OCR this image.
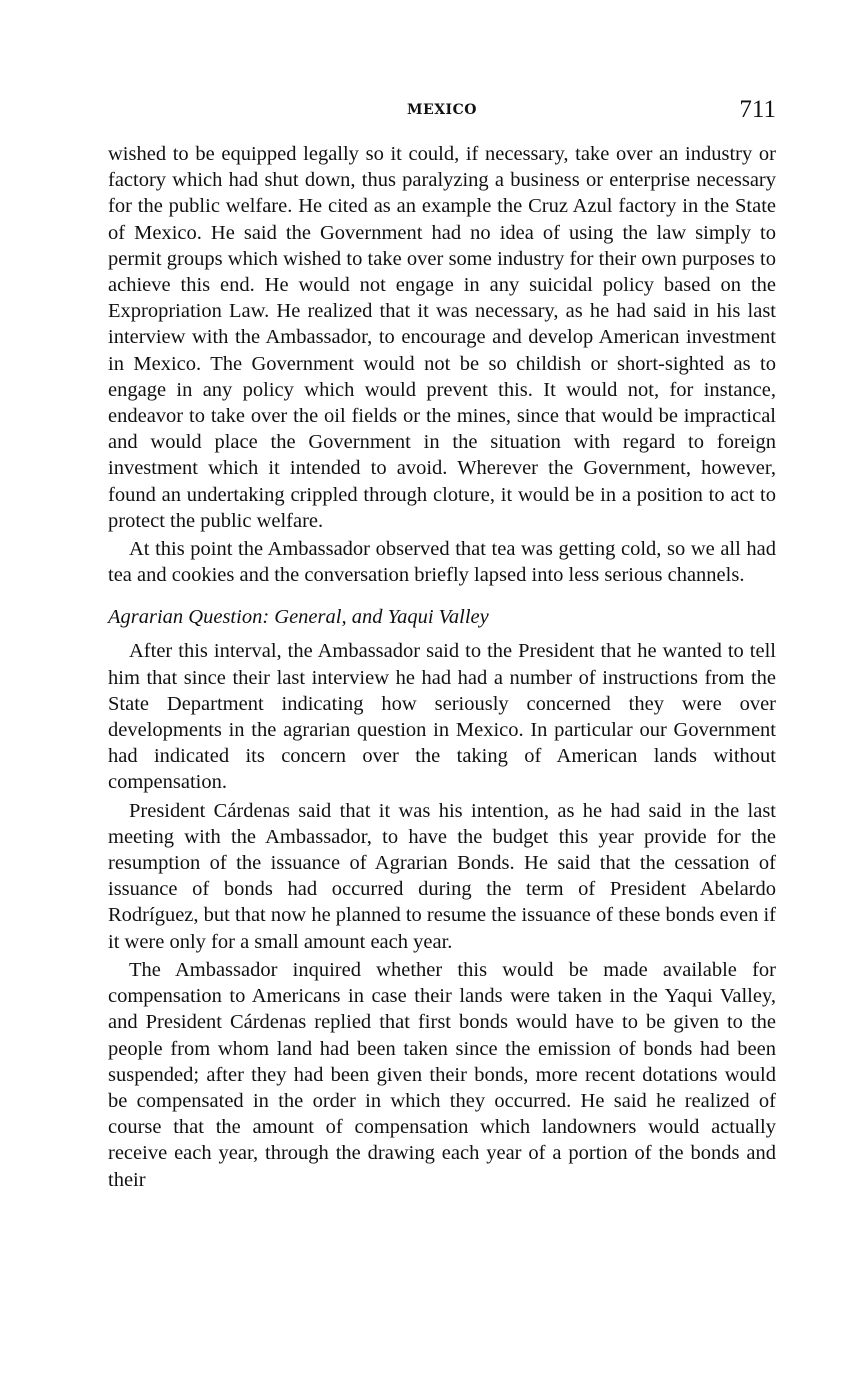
MEXICO	711

wished to be equipped legally so it could, if necessary, take over an industry or factory which had shut down, thus paralyzing a business or enterprise necessary for the public welfare. He cited as an example the Cruz Azul factory in the State of Mexico. He said the Government had no idea of using the law simply to permit groups which wished to take over some industry for their own purposes to achieve this end. He would not engage in any suicidal policy based on the Expropriation Law. He realized that it was necessary, as he had said in his last interview with the Ambassador, to encourage and develop American investment in Mexico. The Government would not be so childish or short-sighted as to engage in any policy which would prevent this. It would not, for instance, endeavor to take over the oil fields or the mines, since that would be impractical and would place the Government in the situation with regard to foreign investment which it intended to avoid. Wherever the Government, however, found an undertaking crippled through cloture, it would be in a position to act to protect the public welfare.

At this point the Ambassador observed that tea was getting cold, so we all had tea and cookies and the conversation briefly lapsed into less serious channels.

Agrarian Question: General, and Yaqui Valley

After this interval, the Ambassador said to the President that he wanted to tell him that since their last interview he had had a number of instructions from the State Department indicating how seriously concerned they were over developments in the agrarian question in Mexico. In particular our Government had indicated its concern over the taking of American lands without compensation.

President Cárdenas said that it was his intention, as he had said in the last meeting with the Ambassador, to have the budget this year provide for the resumption of the issuance of Agrarian Bonds. He said that the cessation of issuance of bonds had occurred during the term of President Abelardo Rodríguez, but that now he planned to resume the issuance of these bonds even if it were only for a small amount each year.

The Ambassador inquired whether this would be made available for compensation to Americans in case their lands were taken in the Yaqui Valley, and President Cárdenas replied that first bonds would have to be given to the people from whom land had been taken since the emission of bonds had been suspended; after they had been given their bonds, more recent dotations would be compensated in the order in which they occurred. He said he realized of course that the amount of compensation which landowners would actually receive each year, through the drawing each year of a portion of the bonds and their
